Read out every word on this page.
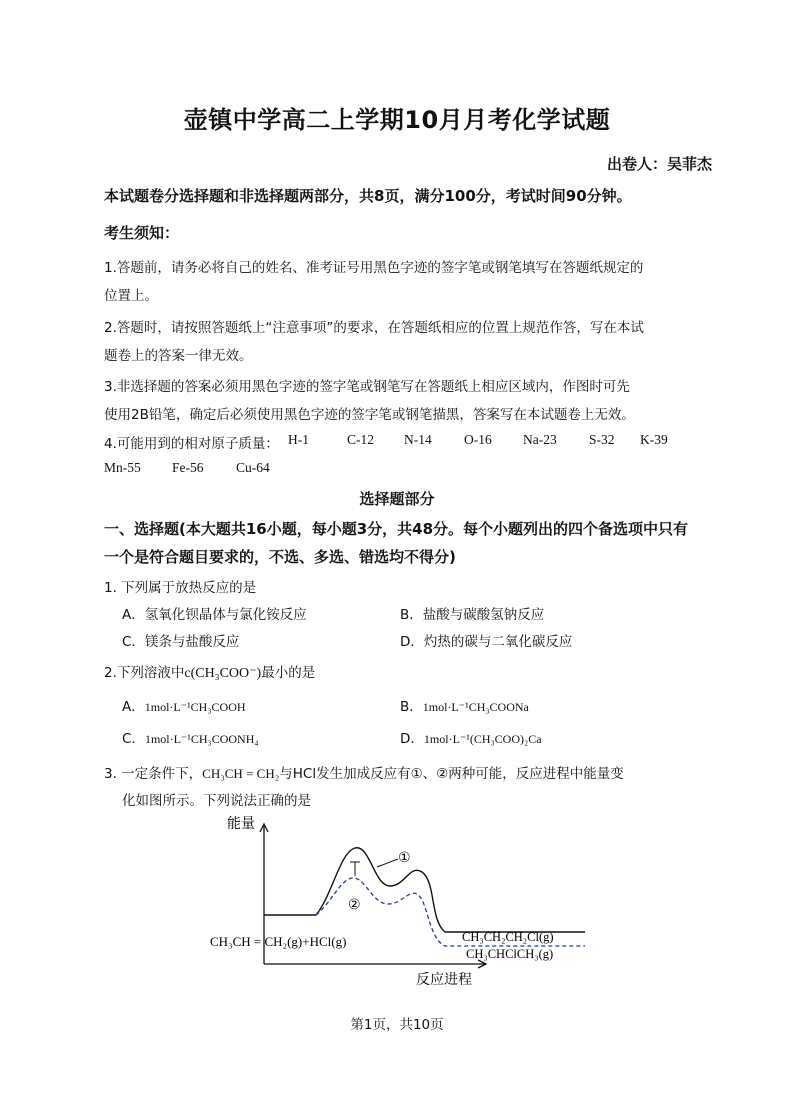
壶镇中学高二上学期10月月考化学试题
出卷人：吴菲杰
本试题卷分选择题和非选择题两部分，共8页，满分100分，考试时间90分钟。
考生须知：
1.答题前，请务必将自己的姓名、准考证号用黑色字迹的签字笔或钢笔填写在答题纸规定的
位置上。
2.答题时，请按照答题纸上“注意事项”的要求，在答题纸相应的位置上规范作答，写在本试
题卷上的答案一律无效。
3.非选择题的答案必须用黑色字迹的签字笔或钢笔写在答题纸上相应区域内，作图时可先
使用2B铅笔，确定后必须使用黑色字迹的签字笔或钢笔描黑，答案写在本试题卷上无效。
4.可能用到的相对原子质量： H-1	C-12 N-14 O-16 Na-23 S-32 K-39
Mn-55 Fe-56 Cu-64
选择题部分
一、选择题(本大题共16小题，每小题3分，共48分。每个小题列出的四个备选项中只有
一个是符合题目要求的，不选、多选、错选均不得分)
1. 下列属于放热反应的是
A．氢氧化钡晶体与氯化铵反应	B．盐酸与碳酸氢钠反应
C．镁条与盐酸反应	D．灼热的碳与二氧化碳反应
2.下列溶液中c(CH₃COO⁻)最小的是
A．1mol·L⁻¹CH₃COOH	B．1mol·L⁻¹CH₃COONa
C．1mol·L⁻¹CH₃COONH₄	D．1mol·L⁻¹(CH₃COO)₂Ca
3. 一定条件下，CH₃CH = CH₂与HCl发生加成反应有①、②两种可能，反应进程中能量变
化如图所示。下列说法正确的是
能量
反应进程
①
②
CH₃CH = CH₂(g)+HCl(g)	CH₃CH₂CH₂Cl(g)
CH₃CHClCH₃(g)
第1页，共10页
